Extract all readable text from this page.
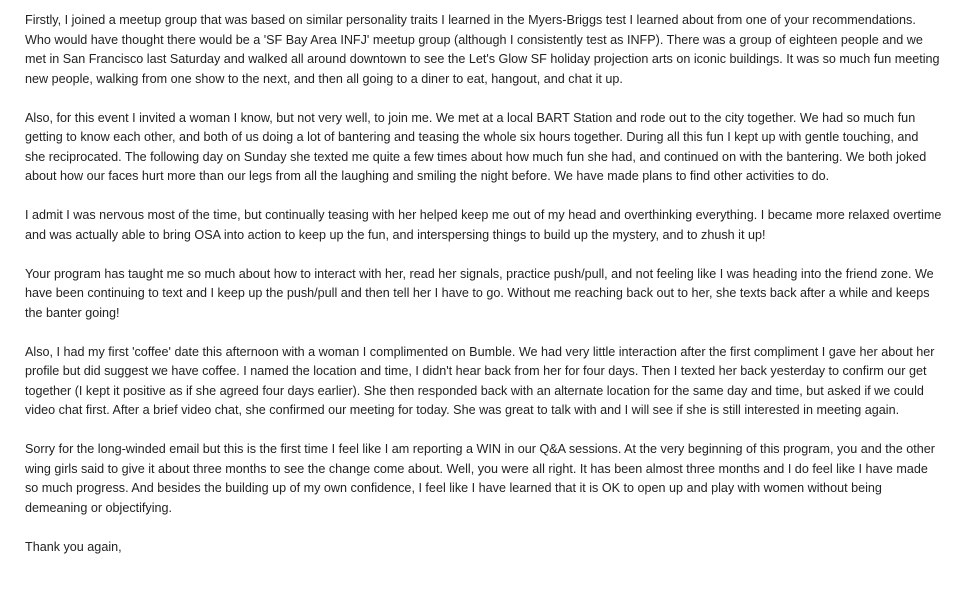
Firstly, I joined a meetup group that was based on similar personality traits I learned in the Myers-Briggs test I learned about from one of your recommendations. Who would have thought there would be a 'SF Bay Area INFJ' meetup group (although I consistently test as INFP). There was a group of eighteen people and we met in San Francisco last Saturday and walked all around downtown to see the Let's Glow SF holiday projection arts on iconic buildings. It was so much fun meeting new people, walking from one show to the next, and then all going to a diner to eat, hangout, and chat it up.

Also, for this event I invited a woman I know, but not very well, to join me. We met at a local BART Station and rode out to the city together. We had so much fun getting to know each other, and both of us doing a lot of bantering and teasing the whole six hours together. During all this fun I kept up with gentle touching, and she reciprocated. The following day on Sunday she texted me quite a few times about how much fun she had, and continued on with the bantering. We both joked about how our faces hurt more than our legs from all the laughing and smiling the night before. We have made plans to find other activities to do.

I admit I was nervous most of the time, but continually teasing with her helped keep me out of my head and overthinking everything. I became more relaxed overtime and was actually able to bring OSA into action to keep up the fun, and interspersing things to build up the mystery, and to zhush it up!

Your program has taught me so much about how to interact with her, read her signals, practice push/pull, and not feeling like I was heading into the friend zone. We have been continuing to text and I keep up the push/pull and then tell her I have to go. Without me reaching back out to her, she texts back after a while and keeps the banter going!

Also, I had my first 'coffee' date this afternoon with a woman I complimented on Bumble. We had very little interaction after the first compliment I gave her about her profile but did suggest we have coffee. I named the location and time, I didn't hear back from her for four days. Then I texted her back yesterday to confirm our get together (I kept it positive as if she agreed four days earlier). She then responded back with an alternate location for the same day and time, but asked if we could video chat first. After a brief video chat, she confirmed our meeting for today. She was great to talk with and I will see if she is still interested in meeting again.

Sorry for the long-winded email but this is the first time I feel like I am reporting a WIN in our Q&A sessions. At the very beginning of this program, you and the other wing girls said to give it about three months to see the change come about. Well, you were all right. It has been almost three months and I do feel like I have made so much progress. And besides the building up of my own confidence, I feel like I have learned that it is OK to open up and play with women without being demeaning or objectifying.

Thank you again,
